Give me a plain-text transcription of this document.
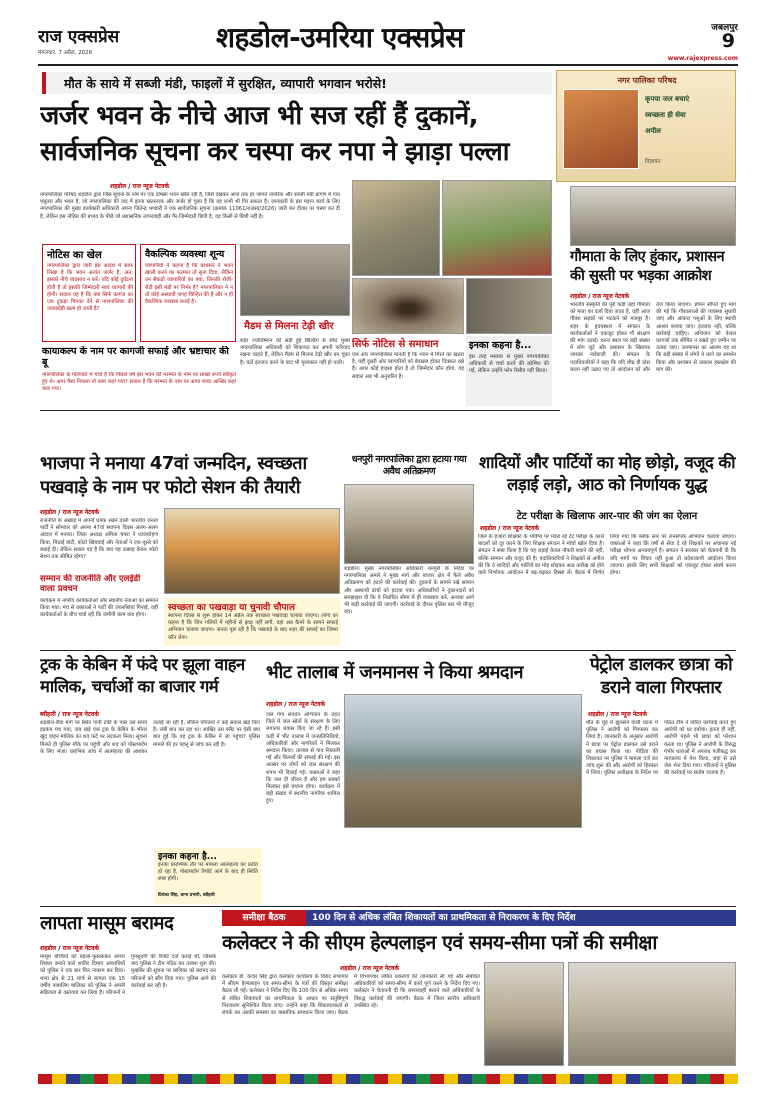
राज एक्सप्रेस
मंगलवार, 7 अप्रैल, 2026	शहडोल-उमरिया एक्सप्रेस	जबलपुर
9
www.rajexpress.com
मौत के साये में सब्जी मंडी, फाइलों में सुरक्षित, व्यापारी भगवान भरोसे!
जर्जर भवन के नीचे आज भी सज रहीं हैं दुकानें,
सार्वजनिक सूचना कर चस्पा कर नपा ने झाड़ा पल्ला
शहडोल / राज न्यूज नेटवर्क
नगरपालिका परिषद शहडोल द्वारा जिस सूचना के नाम पर एक दोषसा भवन खोल रही है, जिसे देखकर आज तक हर जागते नागरिक और सब्जी मंडी प्रांगण में गाय चबूतरा और भवन है, जो नगरपालिका की जद में इतना खतरनाक और जर्जर हो चुका है कि वह कभी भी गिर सकता है। जानकारी के इस महान कार्य के लिए नगरपालिका की मुख्य कार्यकारी अधिकारी अपना जितेन्द्र भण्डारी ने एक सार्वजनिक सूचना (क्रमांक 11061/राजस्व/2026) जारी कर दीवार पर चस्पा कर दी है, लेकिन इस नोटिस की प्रभाव के पीछे जो प्रशासनिक लापरवाही और गैर-जिम्मेदारी छिपी है, वह किसी से छिपी नहीं है।
नोटिस का खेल
नगरपालिका द्वारा जारी इस आदेश में साफ लिखा है कि भवन अत्यंत जर्जर है, अत: इसको नीचे व्यवसाय न करें। यदि कोई दुर्घटना होती है तो इसकी जिम्मेदारी स्वयं व्यापारी की होगी। सवाल यह है कि क्या सिर्फ कागज का एक टुकड़ा चिपका देने से नगरपालिका की जवाबदेही खत्म हो जाती है?
वैकल्पिक व्यवस्था शून्य
व्यापारियों ने कहना है कि प्रशासन ने भवन खाली करने का फरमान तो सुना दिया, लेकिन उन सैकड़ों व्यापारियों का क्या, जिनकी रोजी-रोटी इसी मंडी पर निर्भर है? नगरपालिका ने न तो कोई अस्थायी जगह चिन्हित की है और न ही वैकल्पिक व्यवस्था बनाई है।
कायाकल्प के नाम पर कागजी सफाई और भ्रष्टाचार की बू
नगरपालिका के गलियारों में चर्चा है कि पिछले वर्ष इस भवन की मरम्मत के नाम पर लाखों रुपये स्वीकृत हुए थे। अगर पैसा निकला तो काम कहां गया? सवाल है कि मरम्मत के नाम पर आया बजट आखिर कहां चला गया।
मैडम से मिलना टेढ़ी खीर
शहर ज्योतिष्मान की सड़ी हुई बिल्डिंग से सीधे मुख्य नगरपालिका अधिकारी को शिकायत कर अपनी फरियाद रखना चाहते हैं, लेकिन मैडम से मिलना टेढ़ी खीर बन चुका है। घंटों इंतजार करने के बाद भी मुलाकात नहीं हो पाती।
सिर्फ नोटिस से समाधान
एक ओर नगरपालिका मानती है कि भवन में गिरने का खतरा है, वहीं दूसरी ओर व्यापारियों को बेदखल होकर दिक्कत रखे हैं। अगर कोई हादसा होता है तो जिम्मेदार कौन होगा, यह सवाल अब भी अनुत्तरित है।
इनका कहना है...
इस तरह मसाला से मुख्य नगरपालिका अधिकारी से चर्चा करने की कोशिश की गई, लेकिन उन्होंने फोन रिसीव नहीं किया।
नगर पालिका परिषद
कृपया जल बचाएं
स्वच्छता ही सेवा
अपील
विज्ञापन
गौमाता के लिए हुंकार, प्रशासन की सुस्ती पर भड़का आक्रोश
शहडोल / राज न्यूज नेटवर्क
भारतीय संस्कृति की पूरी कड़ी जहां गौमाता को माता का दर्जा दिया जाता है, वहीं आज गौवंश सड़कों पर भटकने को मजबूर है। शहर के हृदयस्थल में संगठन के कार्यकर्ताओं ने एकजुट होकर गौ संरक्षण की मांग उठाई। धरना स्थल पर बड़ी संख्या में लोग जुटे और प्रशासन के खिलाफ जमकर नारेबाजी की। संगठन के पदाधिकारियों ने कहा कि यदि शीघ्र ही ठोस कदम नहीं उठाए गए तो आंदोलन को और तेज किया जाएगा। ज्ञापन सौंपते हुए मांग की गई कि गौशालाओं की व्यवस्था सुधारी जाए और आवारा पशुओं के लिए स्थायी आश्रय बनाया जाए। इंतजार नहीं, बल्कि कार्रवाई चाहिए। अभियान को केवल कागजों तक सीमित न रखते हुए जमीन पर उतारा जाए। जनमानस का आलम यह था कि बड़ी संख्या में लोगों ने धरने का समर्थन किया और प्रशासन से तत्काल हस्तक्षेप की मांग की।
भाजपा ने मनाया 47वां जन्मदिन, स्वच्छता पखवाड़े के नाम पर फोटो सेशन की तैयारी
शहडोल / राज न्यूज नेटवर्क
राजनीति के अखाड़े में अपनी धमक रखने वाली भारतीय जनता पार्टी ने सोमवार को अपना 47वां स्थापना दिवस अलग-अलग अंदाज में मनाया। जिला अध्यक्ष अमिता चपरा ने ध्वजारोहण किया, मिठाई बांटी, फोटो खिंचवाई और नेताओं ने एक-दूसरे को बधाई दी। लेकिन सवाल यह है कि क्या यह उत्साह केवल फोटो सेशन तक सीमित रहेगा?
सम्मान की राजनीति और एलईडी वाला प्रवचन
कार्यक्रम में नगरीय कार्यकर्ताओं और स्थानीय नेताओं का सम्मान किया गया। मंच से वक्ताओं ने पार्टी की उपलब्धियां गिनाईं, वहीं कार्यकर्ताओं के बीच चर्चा रही कि जमीनी काम कब होगा।
स्वच्छता का पखवाड़ा या चुनावी चौपाल
स्थापना दिवस से शुरू होकर 14 अप्रैल तक स्वच्छता पखवाड़ा चलाया जाएगा। लोगों का कहना है कि जिन गलियों में महीनों से झाड़ू नहीं लगी, वहां अब कैमरे के सामने सफाई अभियान चलाया जाएगा। जनता पूछ रही है कि पखवाड़े के बाद शहर की सफाई का जिम्मा कौन लेगा।
धनपुरी नगरपालिका द्वारा हटाया गया अवैध अतिक्रमण
शहडोल। मुख्य नगरपालिका अधिकारी धनपुरी के निर्देश पर नगरपालिका अमले ने मुख्य मार्ग और बाजार क्षेत्र में फैले अवैध अतिक्रमण को हटाने की कार्रवाई की। दुकानों के सामने रखे सामान और अस्थायी ढांचों को हटाया गया। अधिकारियों ने दुकानदारों को समझाइश दी कि वे निर्धारित सीमा में ही व्यवसाय करें, अन्यथा आगे भी कड़ी कार्रवाई की जाएगी। कार्रवाई के दौरान पुलिस बल भी मौजूद रहा।
शादियों और पार्टियों का मोह छोड़ो, वजूद की लड़ाई लड़ो, आठ को निर्णायक युद्ध
टेट परीक्षा के खिलाफ आर-पार की जंग का ऐलान
शहडोल / राज न्यूज नेटवर्क
जिले के हजारों शिक्षकों के भविष्य पर मंडरा रहे टेट परीक्षा के काले बादलों को दूर करने के लिए शिक्षक संगठन ने मोर्चा खोल दिया है। संगठन ने स्पष्ट किया है कि यह लड़ाई केवल नौकरी बचाने की नहीं, बल्कि सम्मान और वजूद की है। पदाधिकारियों ने शिक्षकों से अपील की कि वे शादियों और पार्टियों का मोह छोड़कर आठ तारीख को होने वाले निर्णायक आंदोलन में बढ़-चढ़कर हिस्सा लें। बैठक में निर्णय लिया गया कि ब्लॉक स्तर पर जनसंपर्क अभियान चलाया जाएगा। वक्ताओं ने कहा कि वर्षों से सेवा दे रहे शिक्षकों पर अचानक नई परीक्षा थोपना अन्यायपूर्ण है। संगठन ने सरकार को चेतावनी दी कि यदि मांगों पर विचार नहीं हुआ तो प्रदेशव्यापी आंदोलन किया जाएगा। इसके लिए सभी शिक्षकों को एकजुट होकर संघर्ष करना होगा।
ट्रक के केबिन में फंदे पर झूला वाहन मालिक, चर्चाओं का बाजार गर्म
ब्यौहारी / राज न्यूज नेटवर्क
शहडोल-रीवा मार्ग पर स्थित पानी टंकी के पास उस समय हड़कंप मच गया, जब खड़े एक ट्रक के केबिन के भीतर खुद वाहन मालिक का शव फंदे पर लटकता मिला। सूचना मिलते ही पुलिस मौके पर पहुंची और शव को पोस्टमार्टम के लिए भेजा। प्रारंभिक जांच में आत्महत्या की आशंका जताई जा रही है, लेकिन परिजनों ने कई सवाल खड़े किए हैं। लंबी बात कर रहा था। आखिर उस फ्लैट पर ऐसी क्या बात हुई कि वह ट्रक के केबिन में जा पहुंचा? पुलिस मामले की हर पहलू से जांच कर रही है।
इनका कहना है...
इनका प्रारम्भिक तौर पर मामला आत्महत्या का प्रतीत हो रहा है, पोस्टमार्टम रिपोर्ट आने के बाद ही स्थिति स्पष्ट होगी।
प्रियंका सिंह, थाना प्रभारी, ब्यौहारी
भीट तालाब में जनमानस ने किया श्रमदान
शहडोल / राज न्यूज नेटवर्क
जल गंगा संवर्धन अभियान के तहत जिले में जल स्रोतों के संरक्षण के लिए लगातार प्रयास किए जा रहे हैं। इसी कड़ी में भीट तालाब में जनप्रतिनिधियों, अधिकारियों और नागरिकों ने मिलकर श्रमदान किया। तालाब से गाद निकाली गई और किनारों की सफाई की गई। इस अवसर पर लोगों को जल संरक्षण की शपथ भी दिलाई गई। वक्ताओं ने कहा कि जल ही जीवन है और हम सबको मिलकर इसे बचाना होगा। कार्यक्रम में बड़ी संख्या में स्थानीय नागरिक शामिल हुए।
पेट्रोल डालकर छात्रा को डराने वाला गिरफ्तार
शहडोल / राज न्यूज नेटवर्क
मौत के मुंह में झुलसने वाली घटना में पुलिस ने आरोपी को गिरफ्तार कर लिया है। जानकारी के अनुसार आरोपी ने छात्रा पर पेट्रोल डालकर उसे डराने का प्रयास किया था। पीड़िता की शिकायत पर पुलिस ने मामला दर्ज कर जांच शुरू की और आरोपी को हिरासत में लिया। पुलिस अधीक्षक के निर्देश पर गठित टीम ने त्वरित कार्रवाई करते हुए आरोपी को धर दबोचा। इतना ही नहीं, आरोपी पहले भी छात्रा को परेशान करता था। पुलिस ने आरोपी के विरुद्ध गंभीर धाराओं में अपराध पंजीबद्ध कर न्यायालय में पेश किया, जहां से उसे जेल भेज दिया गया। परिजनों ने पुलिस की कार्रवाई पर संतोष जताया है।
लापता मासूम बरामद
शहडोल / राज न्यूज नेटवर्क
मासूम बच्चियों को बहला-फुसलाकर अपना शिकार बनाने वाले शातिर दिमाग अपराधियों को पुलिस ने एक बार फिर नाकाम कर दिया। थाना क्षेत्र से 21 मार्च से लापता एक 15 वर्षीय नाबालिग बालिका को पुलिस ने अपनी सक्रियता से दस्तयाब कर लिया है। परिजनों ने गुमशुदगी की रिपोर्ट दर्ज कराई थी, जिसके बाद पुलिस ने टीम गठित कर तलाश शुरू की। मुखबिर की सूचना पर बालिका को बरामद कर परिजनों को सौंप दिया गया। पुलिस आगे की कार्रवाई कर रही है।
समीक्षा बैठक	100 दिन से अधिक लंबित शिकायतों का प्राथमिकता से निराकरण के दिए निर्देश
कलेक्टर ने की सीएम हेल्पलाइन एवं समय-सीमा पत्रों की समीक्षा
शहडोल / राज न्यूज नेटवर्क
कलेक्टर डॉ. केदार सिंह द्वारा कलेक्टर कार्यालय के विराट सभागार में सीएम हेल्पलाइन एवं समय-सीमा के पत्रों की विस्तृत समीक्षा बैठक ली गई। कलेक्टर ने निर्देश दिए कि 100 दिन से अधिक समय से लंबित शिकायतों का प्राथमिकता के आधार पर संतुष्टिपूर्ण निराकरण सुनिश्चित किया जाए। उन्होंने कहा कि शिकायतकर्ता से संपर्क कर उसकी समस्या का वास्तविक समाधान किया जाए। बैठक में विभागवार लंबित प्रकरणों की जानकारी ली गई और संबंधित अधिकारियों को समय-सीमा में कार्य पूर्ण करने के निर्देश दिए गए। कलेक्टर ने चेतावनी दी कि लापरवाही बरतने वाले अधिकारियों के विरुद्ध कार्रवाई की जाएगी। बैठक में जिला स्तरीय अधिकारी उपस्थित रहे।
